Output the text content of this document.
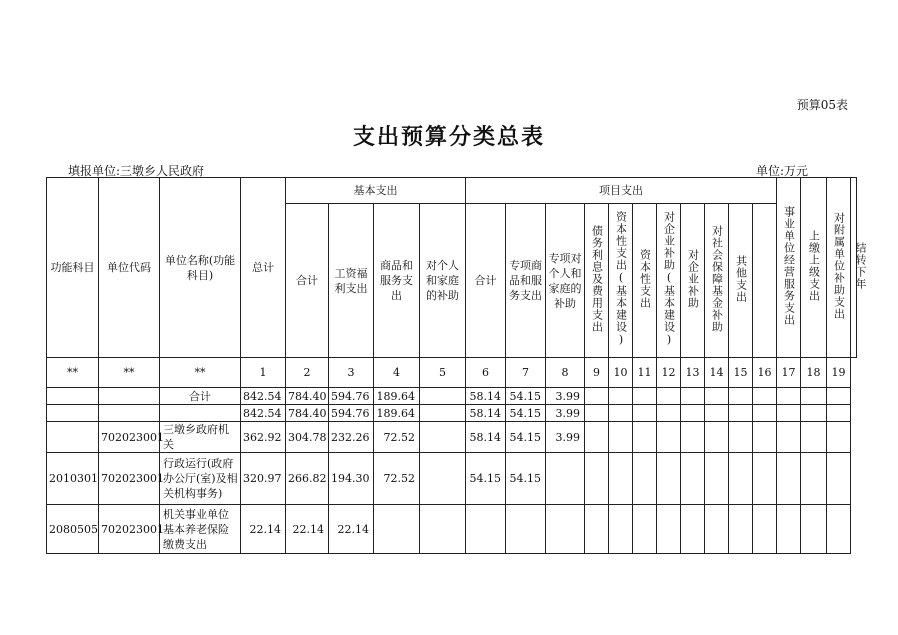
预算05表
支出预算分类总表
填报单位:三墩乡人民政府	单位:万元
功能科目	单位代码	单位名称(功能科目)	总计	基本支出				项目支出											事业单位经营服务支出	上缴上级支出	对附属单位补助支出	结转下年
				合计	工资福利支出	商品和服务支出	对个人和家庭的补助	合计	专项商品和服务支出	专项对个人和家庭的补助	债务利息及费用支出	资本性支出(基本建设)	资本性支出	对企业补助(基本建设)	对企业补助	对社会保障基金补助	其他支出					
**	**	**	1	2	3	4	5	6	7	8	9	10	11	12	13	14	15	16	17	18	19	
		合计	842.54	784.40	594.76	189.64		58.14	54.15	3.99												
			842.54	784.40	594.76	189.64		58.14	54.15	3.99												
	702023001	三墩乡政府机关	362.92	304.78	232.26	72.52		58.14	54.15	3.99												
2010301	702023001	行政运行(政府办公厅(室)及相关机构事务)	320.97	266.82	194.30	72.52		54.15	54.15													
2080505	702023001	机关事业单位基本养老保险缴费支出	22.14	22.14	22.14																	
